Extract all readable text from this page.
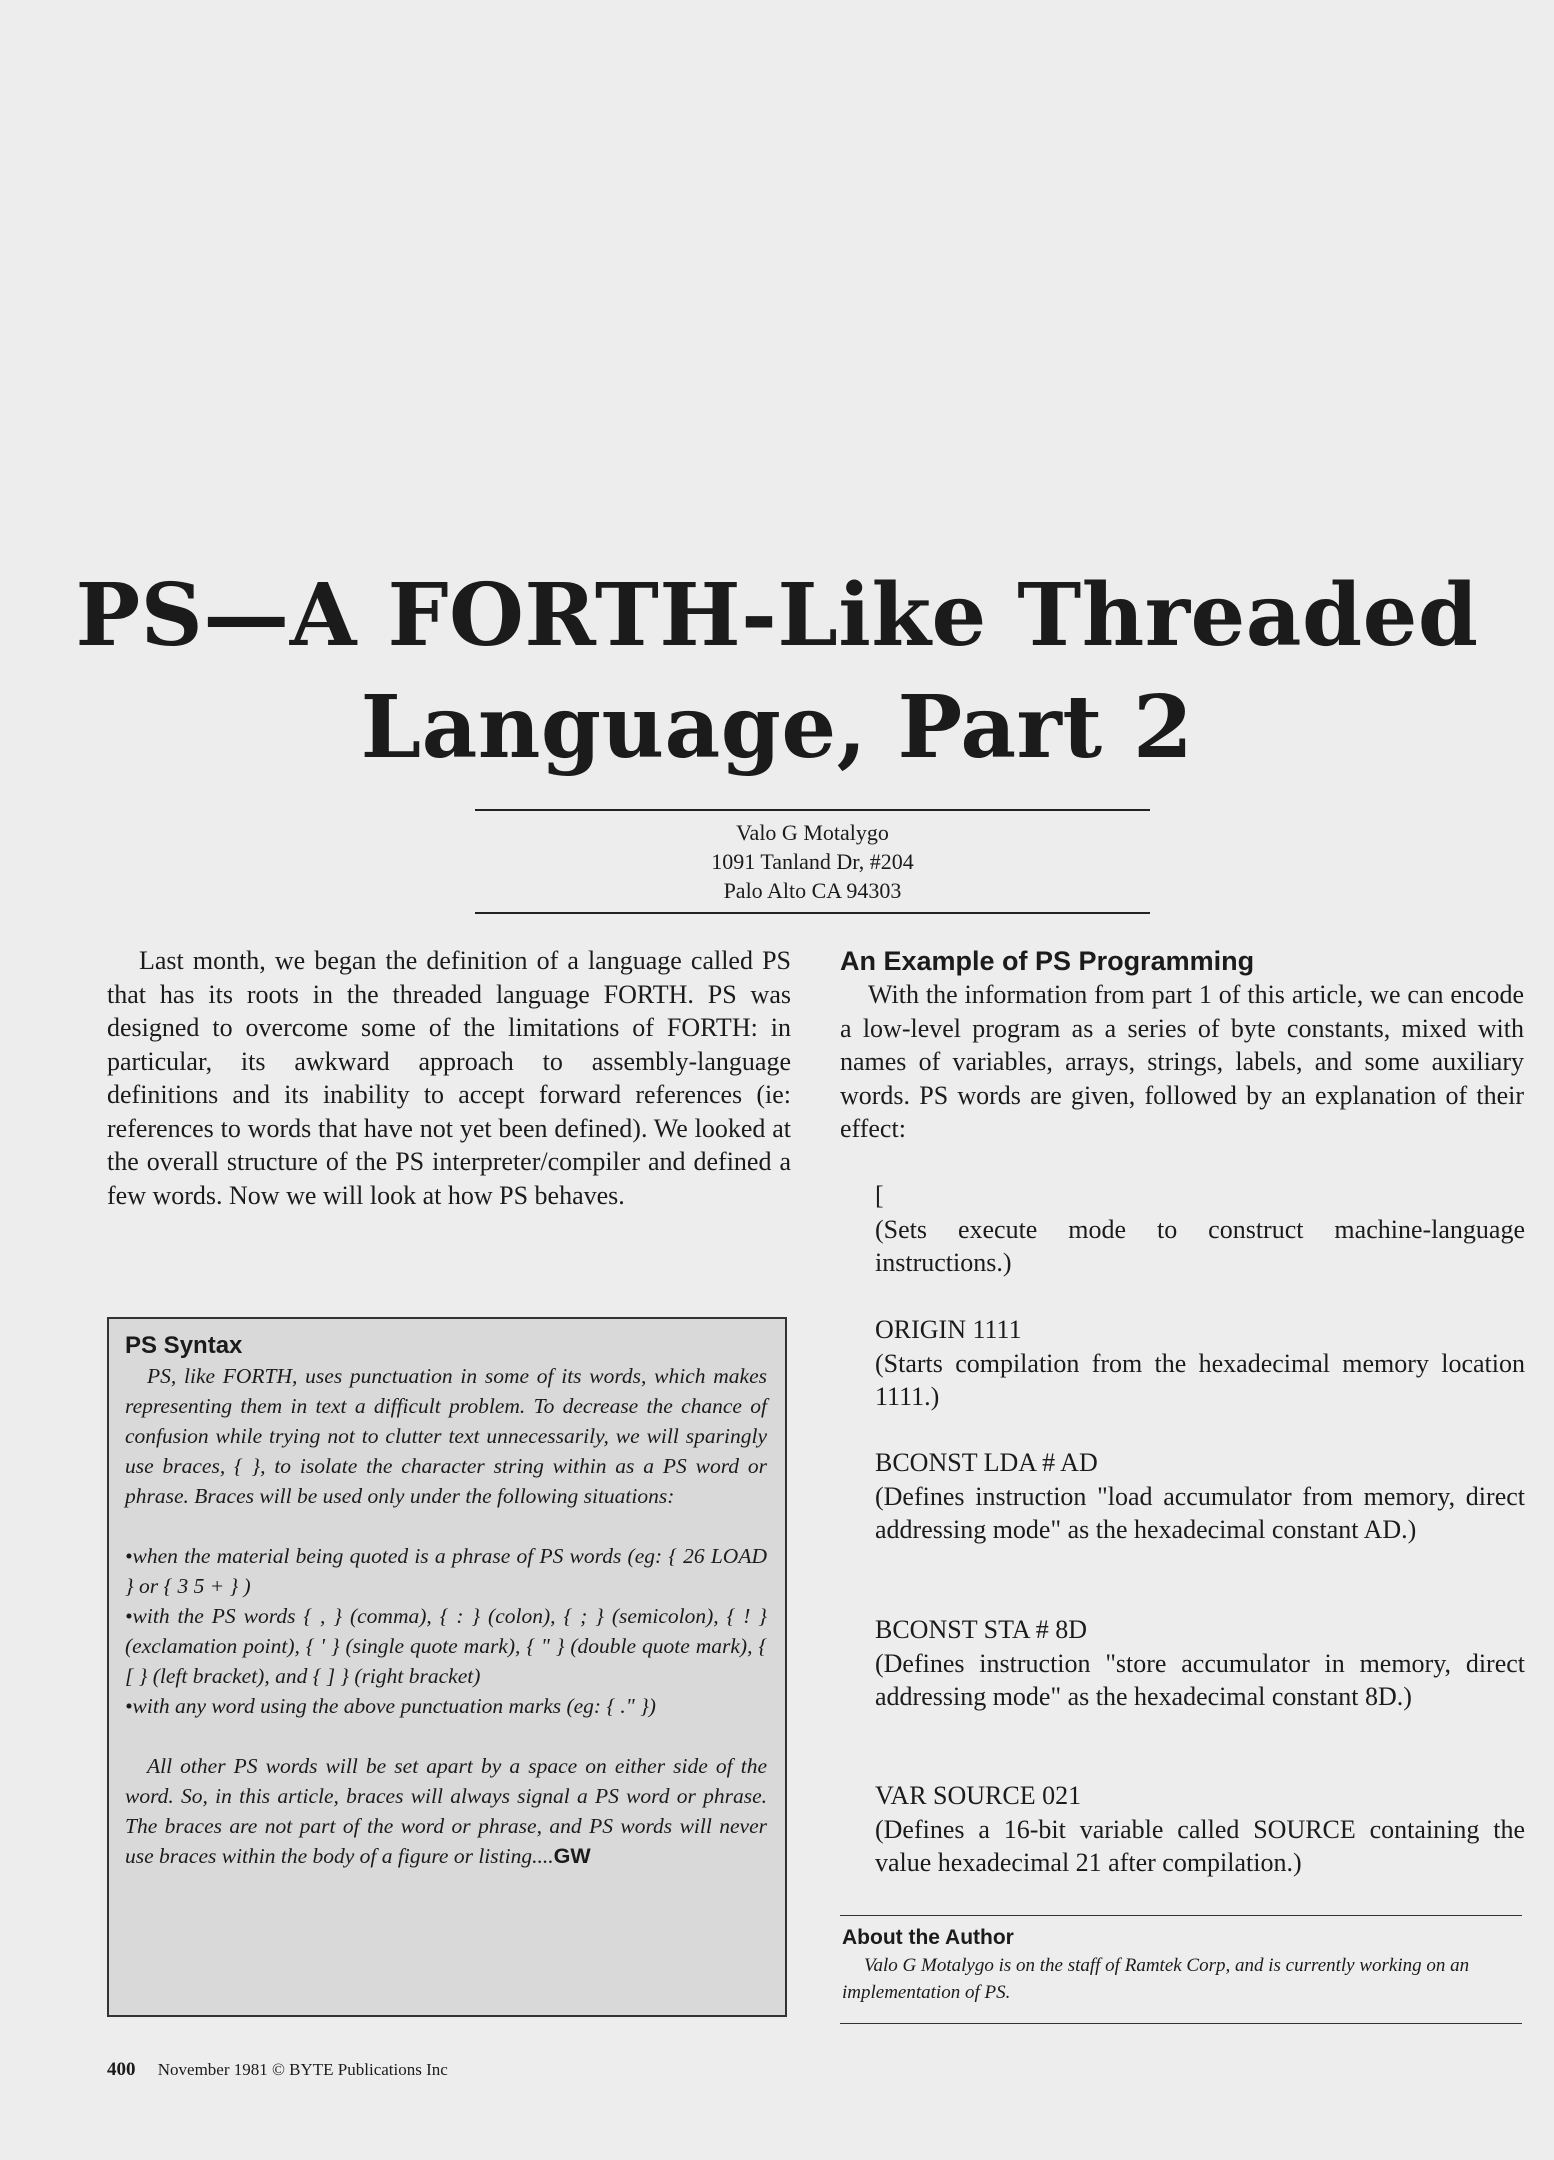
PS—A FORTH-Like Threaded
Language, Part 2
Valo G Motalygo
1091 Tanland Dr, #204
Palo Alto CA 94303

Last month, we began the definition of a language called PS that has its roots in the threaded language FORTH. PS was designed to overcome some of the limitations of FORTH: in particular, its awkward approach to assembly-language definitions and its inability to accept forward references (ie: references to words that have not yet been defined). We looked at the overall structure of the PS interpreter/compiler and defined a few words. Now we will look at how PS behaves.

PS Syntax

PS, like FORTH, uses punctuation in some of its words, which makes representing them in text a difficult problem. To decrease the chance of confusion while trying not to clutter text unnecessarily, we will sparingly use braces, { }, to isolate the character string within as a PS word or phrase. Braces will be used only under the following situations:

•when the material being quoted is a phrase of PS words (eg: { 26 LOAD } or { 3 5 + } )
•with the PS words { , } (comma), { : } (colon), { ; } (semicolon), { ! } (exclamation point), { ' } (single quote mark), { " } (double quote mark), { [ } (left bracket), and { ] } (right bracket)
•with any word using the above punctuation marks (eg: { ." })

All other PS words will be set apart by a space on either side of the word. So, in this article, braces will always signal a PS word or phrase. The braces are not part of the word or phrase, and PS words will never use braces within the body of a figure or listing....GW

An Example of PS Programming

With the information from part 1 of this article, we can encode a low-level program as a series of byte constants, mixed with names of variables, arrays, strings, labels, and some auxiliary words. PS words are given, followed by an explanation of their effect:

[

(Sets execute mode to construct machine-language instructions.)

ORIGIN 1111

(Starts compilation from the hexadecimal memory location 1111.)

BCONST LDA # AD

(Defines instruction "load accumulator from memory, direct addressing mode" as the hexadecimal constant AD.)

BCONST STA # 8D

(Defines instruction "store accumulator in memory, direct addressing mode" as the hexadecimal constant 8D.)

VAR SOURCE 021

(Defines a 16-bit variable called SOURCE containing the value hexadecimal 21 after compilation.)

About the Author

Valo G Motalygo is on the staff of Ramtek Corp, and is currently working on an implementation of PS.

400 November 1981 © BYTE Publications Inc
